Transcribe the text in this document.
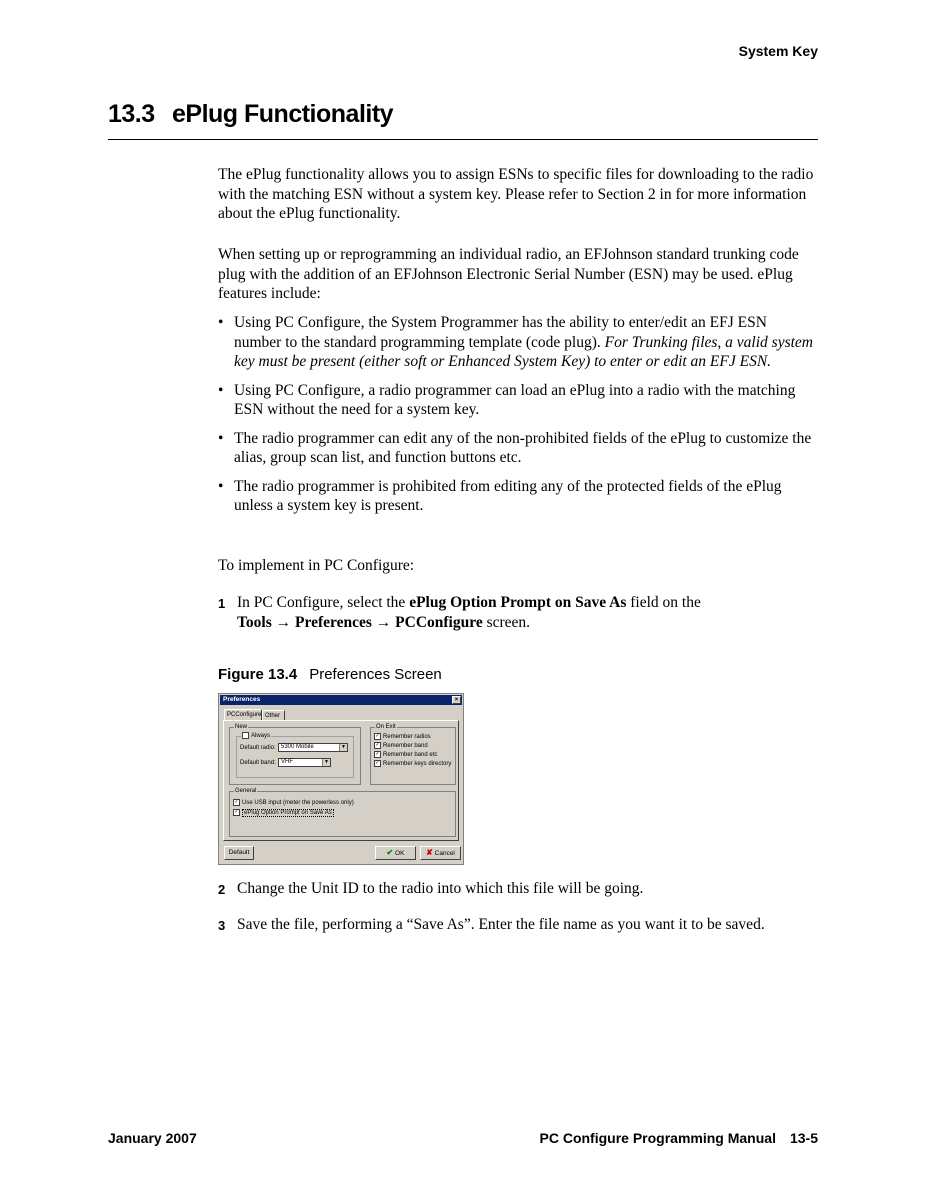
System Key
13.3 ePlug Functionality

The ePlug functionality allows you to assign ESNs to specific files for downloading to the radio with the matching ESN without a system key. Please refer to Section 2 in for more information about the ePlug functionality.

When setting up or reprogramming an individual radio, an EFJohnson standard trunking code plug with the addition of an EFJohnson Electronic Serial Number (ESN) may be used. ePlug features include:

• Using PC Configure, the System Programmer has the ability to enter/edit an EFJ ESN number to the standard programming template (code plug). For Trunking files, a valid system key must be present (either soft or Enhanced System Key) to enter or edit an EFJ ESN.
• Using PC Configure, a radio programmer can load an ePlug into a radio with the matching ESN without the need for a system key.
• The radio programmer can edit any of the non-prohibited fields of the ePlug to customize the alias, group scan list, and function buttons etc.
• The radio programmer is prohibited from editing any of the protected fields of the ePlug unless a system key is present.

To implement in PC Configure:

1 In PC Configure, select the ePlug Option Prompt on Save As field on the
Tools → Preferences → PCConfigure screen.
Figure 13.4 Preferences Screen
Preferences	×
PCConfigure Other
New
Always
Default radio: 5300 Mobile	▼
Default band: VHF	▼
On Exit
✓ Remember radios
✓ Remember band
✓ Remember band etc
✓ Remember keys directory
General
✓ Use USB input (meter the powerless only)
✓ ePlug Option Prompt on Save As
Default	✔ OK	✘ Cancel
2 Change the Unit ID to the radio into which this file will be going.
3 Save the file, performing a “Save As”. Enter the file name as you want it to be saved.
January 2007	PC Configure Programming Manual 13-5
